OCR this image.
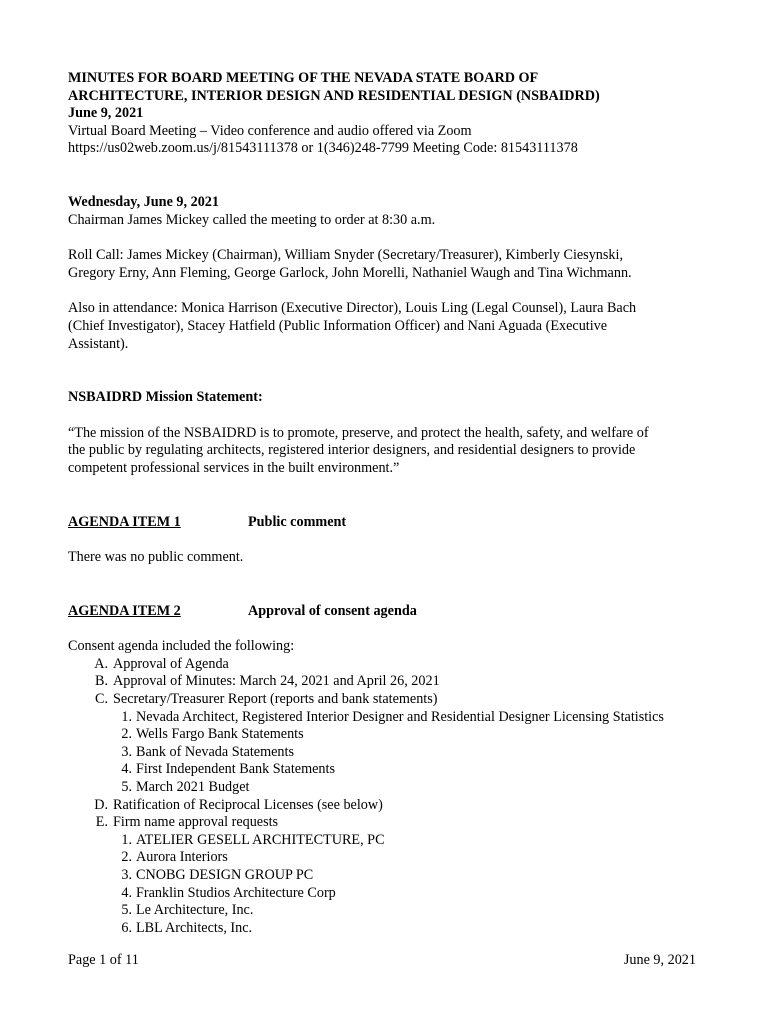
MINUTES FOR BOARD MEETING OF THE NEVADA STATE BOARD OF

ARCHITECTURE, INTERIOR DESIGN AND RESIDENTIAL DESIGN (NSBAIDRD)

June 9, 2021

Virtual Board Meeting – Video conference and audio offered via Zoom

https://us02web.zoom.us/j/81543111378 or 1(346)248-7799 Meeting Code: 81543111378

Wednesday, June 9, 2021

Chairman James Mickey called the meeting to order at 8:30 a.m.

Roll Call: James Mickey (Chairman), William Snyder (Secretary/Treasurer), Kimberly Ciesynski,

Gregory Erny, Ann Fleming, George Garlock, John Morelli, Nathaniel Waugh and Tina Wichmann.

Also in attendance: Monica Harrison (Executive Director), Louis Ling (Legal Counsel), Laura Bach

(Chief Investigator), Stacey Hatfield (Public Information Officer) and Nani Aguada (Executive

Assistant).

NSBAIDRD Mission Statement:

“The mission of the NSBAIDRD is to promote, preserve, and protect the health, safety, and welfare of

the public by regulating architects, registered interior designers, and residential designers to provide

competent professional services in the built environment.”

AGENDA ITEM 1	Public comment

There was no public comment.

AGENDA ITEM 2	Approval of consent agenda

Consent agenda included the following:

A. Approval of Agenda
B. Approval of Minutes: March 24, 2021 and April 26, 2021
C. Secretary/Treasurer Report (reports and bank statements)
1. Nevada Architect, Registered Interior Designer and Residential Designer Licensing Statistics
2. Wells Fargo Bank Statements
3. Bank of Nevada Statements
4. First Independent Bank Statements
5. March 2021 Budget
D. Ratification of Reciprocal Licenses (see below)
E. Firm name approval requests
1. ATELIER GESELL ARCHITECTURE, PC
2. Aurora Interiors
3. CNOBG DESIGN GROUP PC
4. Franklin Studios Architecture Corp
5. Le Architecture, Inc.
6. LBL Architects, Inc.
Page 1 of 11	June 9, 2021
